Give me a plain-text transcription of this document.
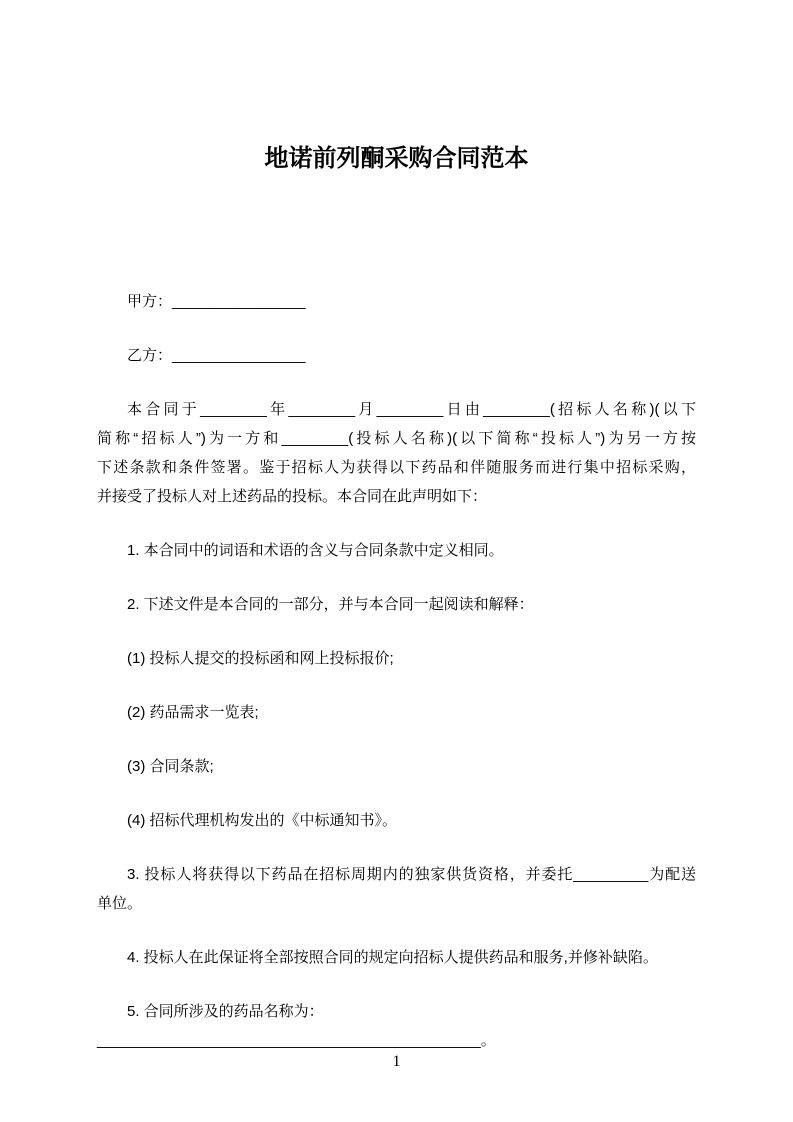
地诺前列酮采购合同范本

甲方：________________

乙方：________________

本合同于________年________月________日由________(招标人名称)(以下

简称“招标人”)为一方和________(投标人名称)(以下简称“投标人”)为另一方按

下述条款和条件签署。鉴于招标人为获得以下药品和伴随服务而进行集中招标采购，

并接受了投标人对上述药品的投标。本合同在此声明如下：

1. 本合同中的词语和术语的含义与合同条款中定义相同。

2. 下述文件是本合同的一部分，并与本合同一起阅读和解释：

(1) 投标人提交的投标函和网上投标报价;

(2) 药品需求一览表;

(3) 合同条款;

(4) 招标代理机构发出的《中标通知书》。

3. 投标人将获得以下药品在招标周期内的独家供货资格，并委托_________为配送

单位。

4. 投标人在此保证将全部按照合同的规定向招标人提供药品和服务,并修补缺陷。

5. 合同所涉及的药品名称为：______________________________________________。

1
